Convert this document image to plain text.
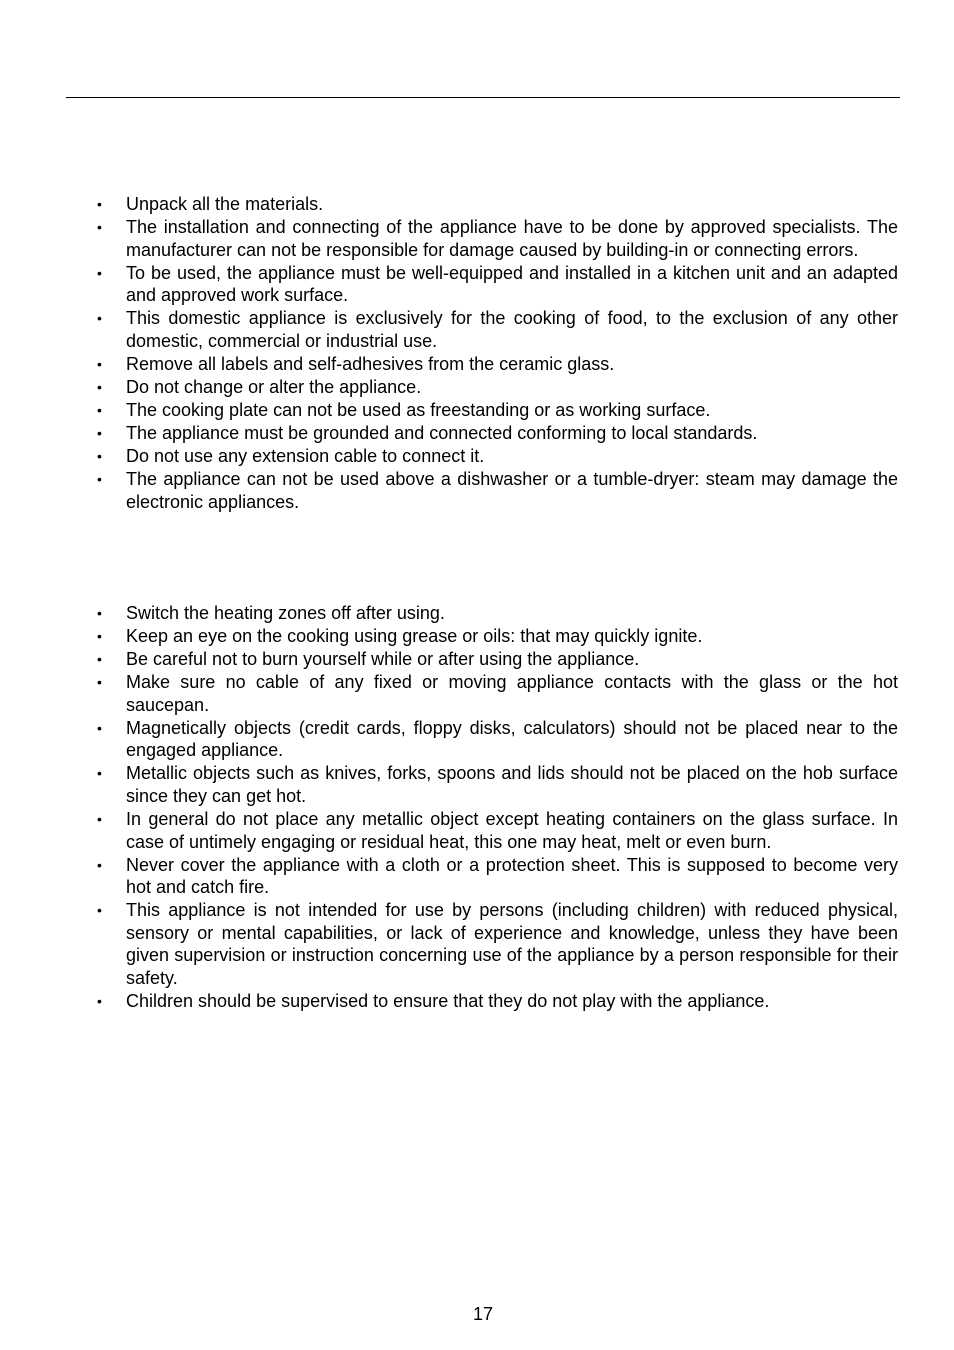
•	Unpack all the materials.
•	The installation and connecting of the appliance have to be done by approved specialists. The manufacturer can not be responsible for damage caused by building-in or connecting errors.
•	To be used, the appliance must be well-equipped and installed in a kitchen unit and an adapted and approved work surface.
•	This domestic appliance is exclusively for the cooking of food, to the exclusion of any other domestic, commercial or industrial use.
•	Remove all labels and self-adhesives from the ceramic glass.
•	Do not change or alter the appliance.
•	The cooking plate can not be used as freestanding or as working surface.
•	The appliance must be grounded and connected conforming to local standards.
•	Do not use any extension cable to connect it.
•	The appliance can not be used above a dishwasher or a tumble-dryer: steam may damage the electronic appliances.
•	Switch the heating zones off after using.
•	Keep an eye on the cooking using grease or oils: that may quickly ignite.
•	Be careful not to burn yourself while or after using the appliance.
•	Make sure no cable of any fixed or moving appliance contacts with the glass or the hot saucepan.
•	Magnetically objects (credit cards, floppy disks, calculators) should not be placed near to the engaged appliance.
•	Metallic objects such as knives, forks, spoons and lids should not be placed on the hob surface since they can get hot.
•	In general do not place any metallic object except heating containers on the glass surface. In case of untimely engaging or residual heat, this one may heat, melt or even burn.
•	Never cover the appliance with a cloth or a protection sheet. This is supposed to become very hot and catch fire.
•	This appliance is not intended for use by persons (including children) with reduced physical, sensory or mental capabilities, or lack of experience and knowledge, unless they have been given supervision or instruction concerning use of the appliance by a person responsible for their safety.
•	Children should be supervised to ensure that they do not play with the appliance.
17
